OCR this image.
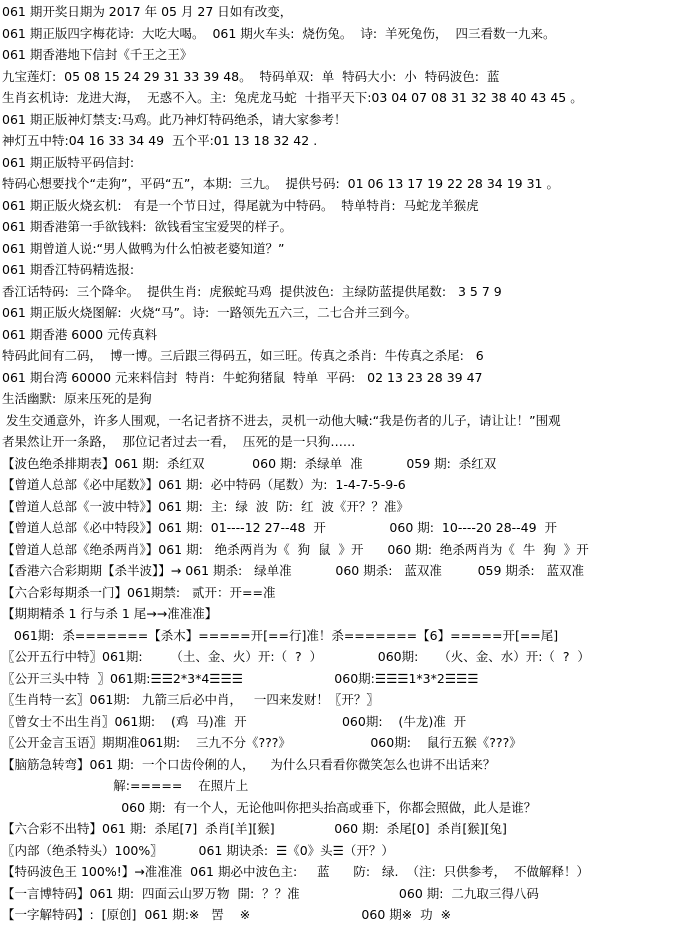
061 期开奖日期为 2017 年 05 月 27 日如有改变，
061 期正版四字梅花诗:  大吃大喝。  061 期火车头:  烧伤兔。  诗:  羊死兔伤，  四三看数一九来。
061 期香港地下信封《千王之王》
九宝莲灯:  05 08 15 24 29 31 33 39 48。  特码单双:  单  特码大小:  小  特码波色:  蓝
生肖玄机诗:  龙进大海，  无惑不入。主:  兔虎龙马蛇  十指平天下:03 04 07 08 31 32 38 40 43 45 。
061 期正版神灯禁支:马鸡。此乃神灯特码绝杀，请大家参考！
神灯五中特:04 16 33 34 49  五个平:01 13 18 32 42 .
061 期正版特平码信封:
特码心想要找个“走狗”，平码“五”，本期:  三九。  提供号码:  01 06 13 17 19 22 28 34 19 31 。
061 期正版火烧玄机:   有是一个节日过，得尾就为中特码。  特单特肖:  马蛇龙羊猴虎
061 期香港第一手欲钱料:  欲钱看宝宝爱哭的样子。
061 期曾道人说:“男人做鸭为什么怕被老婆知道？”
061 期香江特码精选报:
香江话特码:  三个降伞。  提供生肖:  虎猴蛇马鸡  提供波色:  主绿防蓝提供尾数:   3 5 7 9
061 期正版火烧图解:  火烧“马”。诗:  一路领先五六三，二七合并三到今。
061 期香港 6000 元传真料
特码此间有二码，  博一博。三后跟三得码五，如三旺。传真之杀肖:  牛传真之杀尾:   6
061 期台湾 60000 元来料信封  特肖:  牛蛇狗猪鼠  特单  平码:   02 13 23 28 39 47
生活幽默:  原来压死的是狗
发生交通意外，许多人围观，一名记者挤不进去，灵机一动他大喊:“我是伤者的儿子，请让让！”围观
者果然让开一条路，  那位记者过去一看，  压死的是一只狗……
【波色绝杀排期表】061 期:  杀红双            060 期:  杀绿单  准           059 期:  杀红双
【曾道人总部《必中尾数》】061 期:  必中特码（尾数）为:  1-4-7-5-9-6
【曾道人总部《一波中特》】061 期:  主:  绿  波  防:  红  波《开？？准》
【曾道人总部《必中特段》】061 期:  01----12 27--48  开                060 期:  10----20 28--49  开
【曾道人总部《绝杀两肖》】061 期:   绝杀两肖为《  狗  鼠  》开      060 期:  绝杀两肖为《  牛  狗  》开
【香港六合彩期期【杀半波】】→ 061 期杀:   绿单准           060 期杀:   蓝双准         059 期杀:   蓝双准
【六合彩每期杀一门】061期禁:   贰开：开==准
【期期精杀 1 行与杀 1 尾→→准准准】
061期:  杀=======【杀木】=====开[==行]准！杀=======【6】=====开[==尾]
〖公开五行中特〗061期:       （土、金、火）开:（  ?  ）              060期:     （火、金、水）开:（  ?  ）
〖公开三头中特  〗061期:☰☰2*3*4☰☰☰                       060期:☰☰☰1*3*2☰☰☰
〖生肖特一玄〗061期:   九箭三后必中肖，   一四来发财！〖开？〗
〖曾女士不出生肖〗061期:    (鸡  马)准  开                        060期:    (牛龙)准  开
〖公开金言玉语〗期期准061期:    三九不分《???》                    060期:    鼠行五猴《???》
【脑筋急转弯】061 期:  一个口齿伶俐的人，    为什么只看看你微笑怎么也讲不出话来？
解:=====    在照片上
060 期:  有一个人，无论他叫你把头抬高或垂下，你都会照做，此人是谁？
【六合彩不出特】061 期:  杀尾[7]  杀肖[羊][猴]               060 期:  杀尾[0]  杀肖[猴][兔]
〖内部（绝杀特头）100%〗         061 期诀杀:  ☰《0》头☰（开？）
【特码波色王 100%!】→准准准  061 期必中波色主:     蓝      防:   绿.  （注:  只供参考，  不做解释！）
【一言博特码】061 期:  四面云山罗万物  開:  ？？准                         060 期:  二九取三得八码
【一字解特码】:  [原创]  061 期:※   罟    ※                            060 期※  功  ※
